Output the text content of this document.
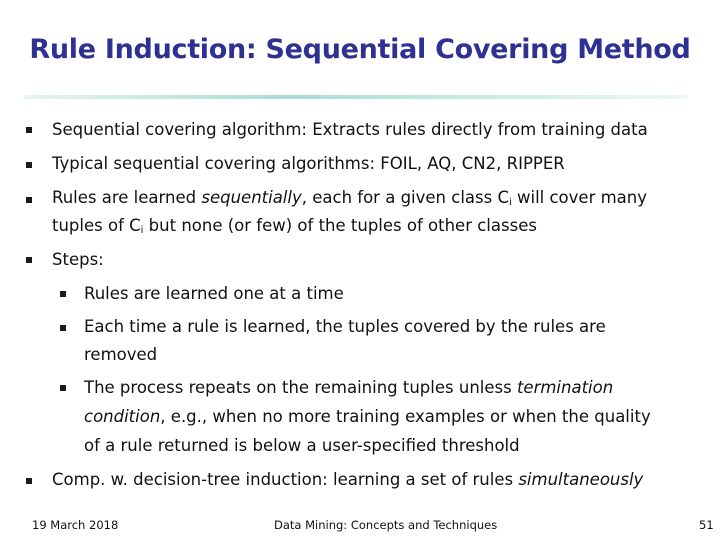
Rule Induction: Sequential Covering Method
Sequential covering algorithm: Extracts rules directly from training data
Typical sequential covering algorithms: FOIL, AQ, CN2, RIPPER
Rules are learned sequentially, each for a given class $C_i$ will cover many
tuples of $C_i$ but none (or few) of the tuples of other classes
Steps:
Rules are learned one at a time
Each time a rule is learned, the tuples covered by the rules are
removed
The process repeats on the remaining tuples unless termination
condition, e.g., when no more training examples or when the quality
of a rule returned is below a user-specified threshold
Comp. w. decision-tree induction: learning a set of rules simultaneously
19 March 2018	Data Mining: Concepts and Techniques	51
